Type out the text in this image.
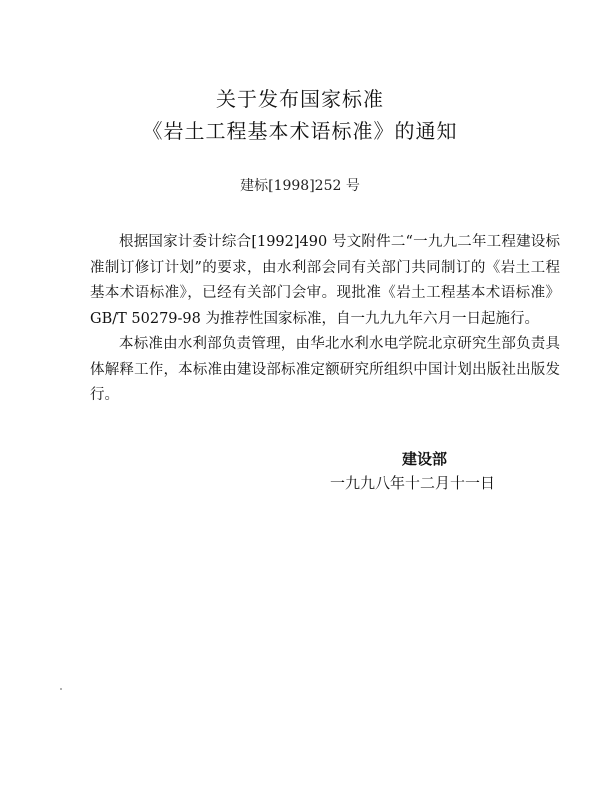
关于发布国家标准
《岩土工程基本术语标准》的通知
建标[1998]252 号

根据国家计委计综合[1992]490 号文附件二“一九九二年工程建设标准制订修订计划”的要求，由水利部会同有关部门共同制订的《岩土工程基本术语标准》，已经有关部门会审。现批准《岩土工程基本术语标准》GB/T 50279-98 为推荐性国家标准，自一九九九年六月一日起施行。

本标准由水利部负责管理，由华北水利水电学院北京研究生部负责具体解释工作，本标准由建设部标准定额研究所组织中国计划出版社出版发行。

建设部
一九九八年十二月十一日
